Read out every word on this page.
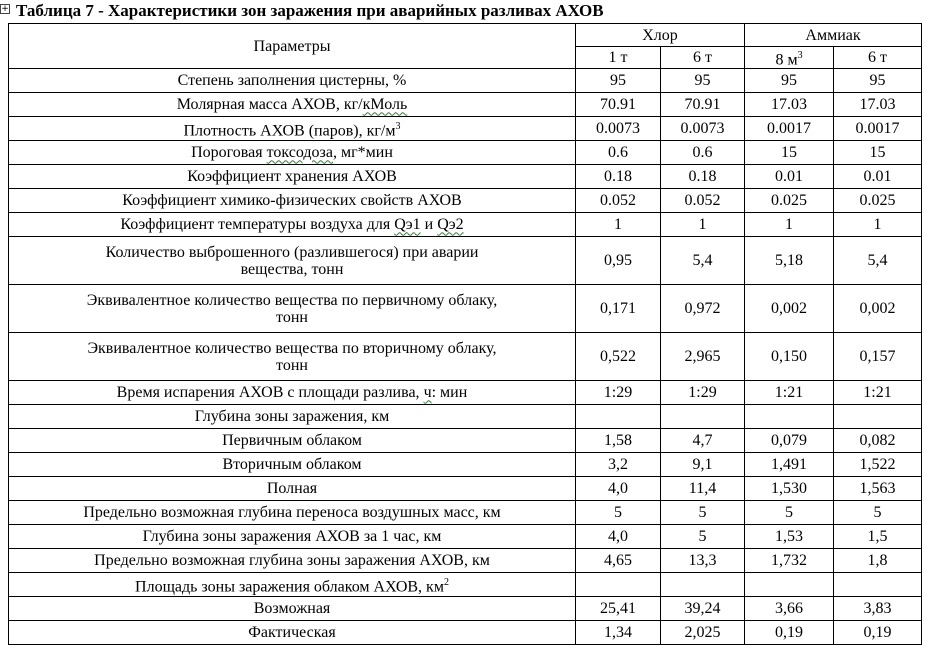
+ Таблица 7 - Характеристики зон заражения при аварийных разливах АХОВ
Параметры	Хлор		Аммиак	
	1 т	6 т	8 $м^3$	6 т
Степень заполнения цистерны, %	95	95	95	95
Молярная масса АХОВ, кг/кМоль	70.91	70.91	17.03	17.03
Плотность АХОВ (паров), $кг/м^3$	0.0073	0.0073	0.0017	0.0017
Пороговая токсодоза, мг*мин	0.6	0.6	15	15
Коэффициент хранения АХОВ	0.18	0.18	0.01	0.01
Коэффициент химико-физических свойств АХОВ	0.052	0.052	0.025	0.025
Коэффициент температуры воздуха для Qэ1 и Qэ2	1	1	1	1

Количество выброшенного (разлившегося) при аварии
вещества, тонн	0,95	5,4	5,18	5,4

Эквивалентное количество вещества по первичному облаку,
тонн	0,171	0,972	0,002	0,002

Эквивалентное количество вещества по вторичному облаку,
тонн	0,522	2,965	0,150	0,157
Время испарения АХОВ с площади разлива, ч: мин	1:29	1:29	1:21	1:21
Глубина зоны заражения, км				
Первичным облаком	1,58	4,7	0,079	0,082
Вторичным облаком	3,2	9,1	1,491	1,522
Полная	4,0	11,4	1,530	1,563
Предельно возможная глубина переноса воздушных масс, км	5	5	5	5
Глубина зоны заражения АХОВ за 1 час, км	4,0	5	1,53	1,5
Предельно возможная глубина зоны заражения АХОВ, км	4,65	13,3	1,732	1,8
Площадь зоны заражения облаком АХОВ, $км^2$				
Возможная	25,41	39,24	3,66	3,83
Фактическая	1,34	2,025	0,19	0,19
